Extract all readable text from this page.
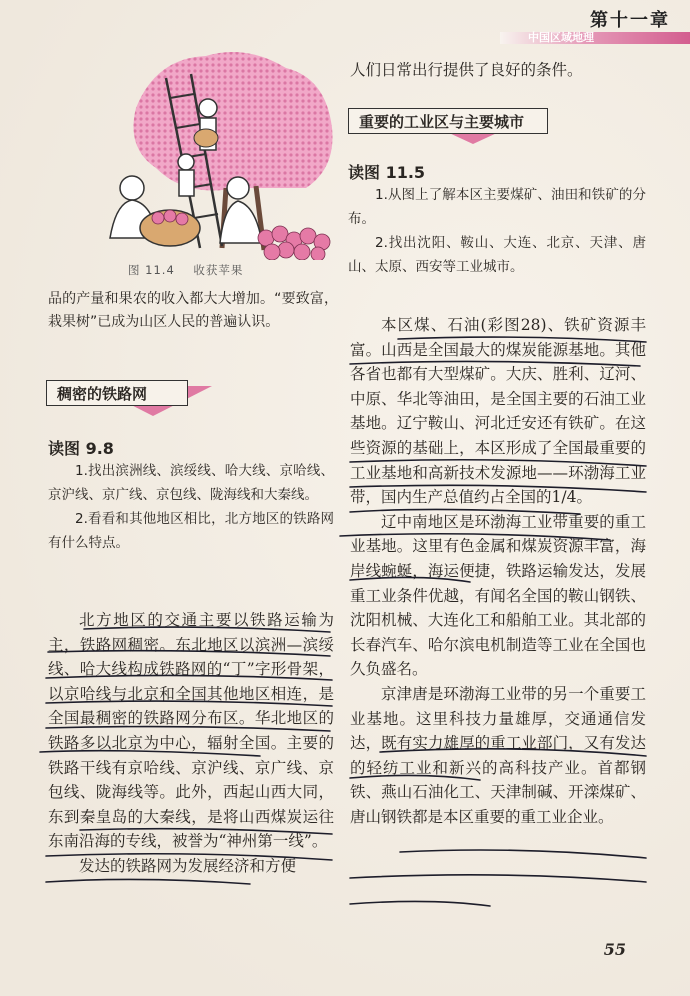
第十一章
中国区域地理
图 11.4    收获苹果

品的产量和果农的收入都大大增加。“要致富，栽果树”已成为山区人民的普遍认识。

稠密的铁路网
读图 9.8

1.找出滨洲线、滨绥线、哈大线、京哈线、京沪线、京广线、京包线、陇海线和大秦线。

2.看看和其他地区相比，北方地区的铁路网有什么特点。

北方地区的交通主要以铁路运输为主，铁路网稠密。东北地区以滨洲—滨绥线、哈大线构成铁路网的“丁”字形骨架，以京哈线与北京和全国其他地区相连，是全国最稠密的铁路网分布区。华北地区的铁路多以北京为中心，辐射全国。主要的铁路干线有京哈线、京沪线、京广线、京包线、陇海线等。此外，西起山西大同，东到秦皇岛的大秦线，是将山西煤炭运往东南沿海的专线，被誉为“神州第一线”。

发达的铁路网为发展经济和方便

人们日常出行提供了良好的条件。

重要的工业区与主要城市
读图 11.5

1.从图上了解本区主要煤矿、油田和铁矿的分布。

2.找出沈阳、鞍山、大连、北京、天津、唐山、太原、西安等工业城市。

本区煤、石油(彩图28)、铁矿资源丰富。山西是全国最大的煤炭能源基地。其他各省也都有大型煤矿。大庆、胜利、辽河、中原、华北等油田，是全国主要的石油工业基地。辽宁鞍山、河北迁安还有铁矿。在这些资源的基础上，本区形成了全国最重要的工业基地和高新技术发源地——环渤海工业带，国内生产总值约占全国的1/4。

辽中南地区是环渤海工业带重要的重工业基地。这里有色金属和煤炭资源丰富，海岸线蜿蜒，海运便捷，铁路运输发达，发展重工业条件优越，有闻名全国的鞍山钢铁、沈阳机械、大连化工和船舶工业。其北部的长春汽车、哈尔滨电机制造等工业在全国也久负盛名。

京津唐是环渤海工业带的另一个重要工业基地。这里科技力量雄厚，交通通信发达，既有实力雄厚的重工业部门，又有发达的轻纺工业和新兴的高科技产业。首都钢铁、燕山石油化工、天津制碱、开滦煤矿、唐山钢铁都是本区重要的重工业企业。

55
